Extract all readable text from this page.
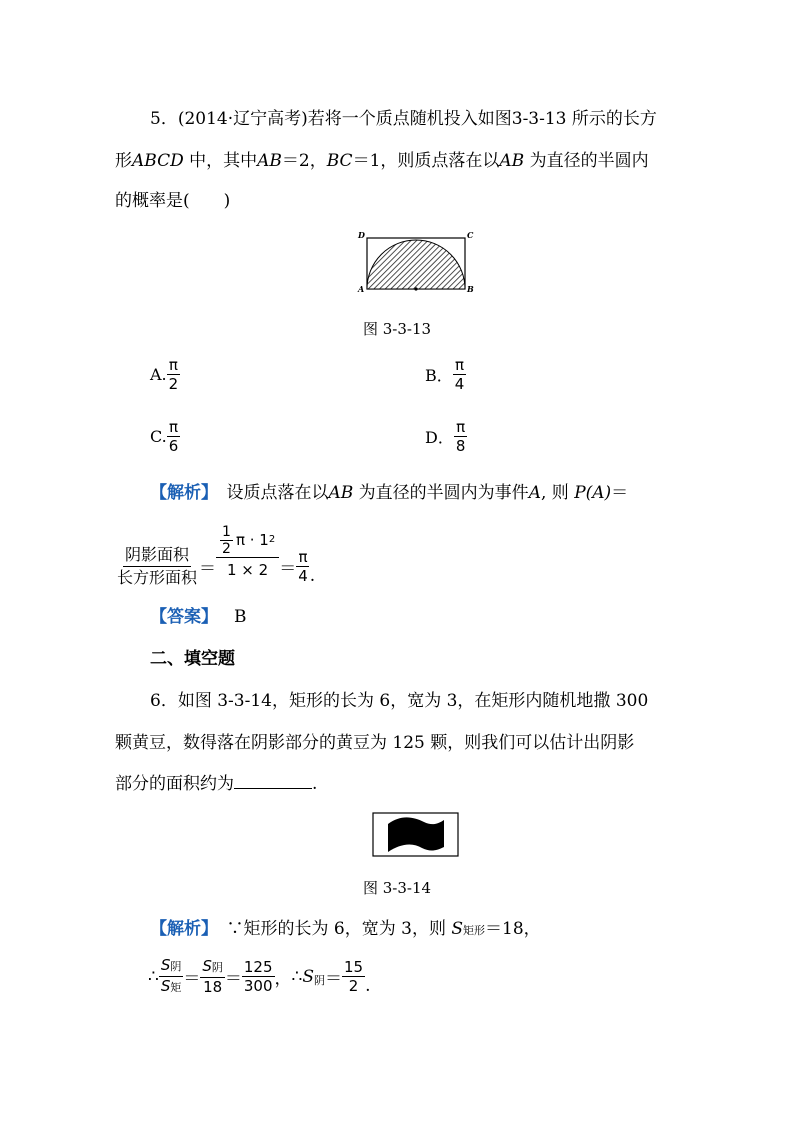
5．(2014·辽宁高考)若将一个质点随机投入如图3-3-13 所示的长方
形ABCD 中，其中AB＝2，BC＝1，则质点落在以AB 为直径的半圆内
的概率是(　　)
D	C
A	B
图 3-3-13
A. $\frac{\pi}{2}$	B． $\frac{\pi}{4}$
C. $\frac{\pi}{6}$	D． $\frac{\pi}{8}$
【解析】　设质点落在以AB 为直径的半圆内为事件A, 则 P(A)＝
$\frac{\text{阴影面积}}{\text{长方形面积}} = \frac{\frac{1}{2} \pi \cdot 1 2}{1 \times 2} = \frac{\pi}{4}$ .
【答案】 B
二、填空题
6．如图 3-3-14，矩形的长为 6，宽为 3，在矩形内随机地撒 300
颗黄豆，数得落在阴影部分的黄豆为 125 颗，则我们可以估计出阴影
部分的面积约为	.
图 3-3-14
【解析】　∵矩形的长为 6，宽为 3，则 S矩形＝18，
∴ $\frac{\text{S阴}}{\text{S矩}} = \frac{\text{S阴}}{18} = \frac{125}{300}$ ， ∴ S 阴 ＝ $\frac{15}{2}$ .
